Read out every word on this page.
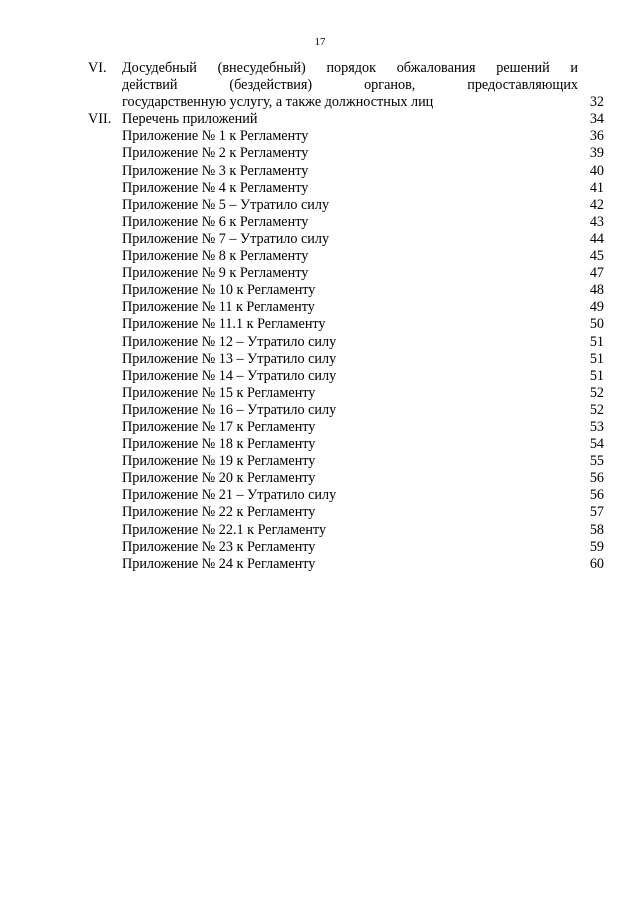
17
VI. Досудебный (внесудебный) порядок обжалования решений и
действий (бездействия) органов, предоставляющих
государственную услугу, а также должностных лиц	32
VII. Перечень приложений	34
Приложение № 1 к Регламенту	36
Приложение № 2 к Регламенту	39
Приложение № 3 к Регламенту	40
Приложение № 4 к Регламенту	41
Приложение № 5 – Утратило силу	42
Приложение № 6 к Регламенту	43
Приложение № 7 – Утратило силу	44
Приложение № 8 к Регламенту	45
Приложение № 9 к Регламенту	47
Приложение № 10 к Регламенту	48
Приложение № 11 к Регламенту	49
Приложение № 11.1 к Регламенту	50
Приложение № 12 – Утратило силу	51
Приложение № 13 – Утратило силу	51
Приложение № 14 – Утратило силу	51
Приложение № 15 к Регламенту	52
Приложение № 16 – Утратило силу	52
Приложение № 17 к Регламенту	53
Приложение № 18 к Регламенту	54
Приложение № 19 к Регламенту	55
Приложение № 20 к Регламенту	56
Приложение № 21 – Утратило силу	56
Приложение № 22 к Регламенту	57
Приложение № 22.1 к Регламенту	58
Приложение № 23 к Регламенту	59
Приложение № 24 к Регламенту	60
